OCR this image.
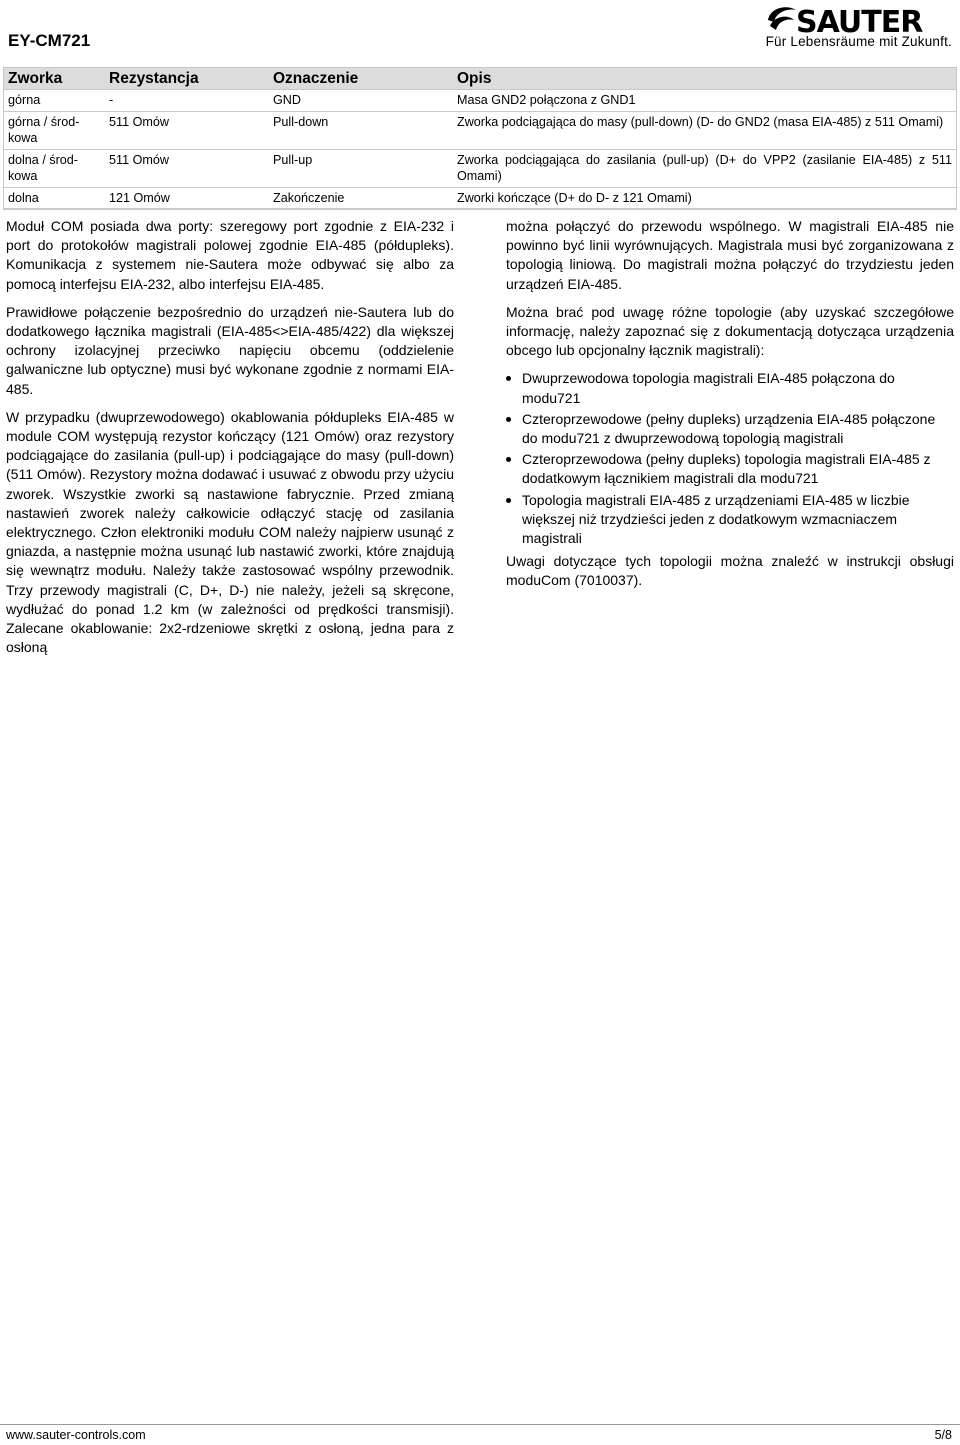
EY-CM721
SAUTER
Für Lebensräume mit Zukunft.
Zworka	Rezystancja	Oznaczenie	Opis
górna	-	GND	Masa GND2 połączona z GND1
górna / środ-kowa	511 Omów	Pull-down	Zworka podciągająca do masy (pull-down) (D- do GND2 (masa EIA-485) z 511 Omami)
dolna / środ-kowa	511 Omów	Pull-up	Zworka podciągająca do zasilania (pull-up) (D+ do VPP2 (zasilanie EIA-485) z 511 Omami)
dolna	121 Omów	Zakończenie	Zworki kończące (D+ do D- z 121 Omami)

Moduł COM posiada dwa porty: szeregowy port zgodnie z EIA-232 i port do protokołów magistrali polowej zgodnie EIA-485 (półdupleks). Komunikacja z systemem nie-Sautera może odbywać się albo za pomocą interfejsu EIA-232, albo interfejsu EIA-485.

Prawidłowe połączenie bezpośrednio do urządzeń nie-Sautera lub do dodatkowego łącznika magistrali (EIA-485<>EIA-485/422) dla większej ochrony izolacyjnej przeciwko napięciu obcemu (oddzielenie galwaniczne lub optyczne) musi być wykonane zgodnie z normami EIA-485.

W przypadku (dwuprzewodowego) okablowania półdupleks EIA-485 w module COM występują rezystor kończący (121 Omów) oraz rezystory podciągające do zasilania (pull-up) i podciągające do masy (pull-down) (511 Omów). Rezystory można dodawać i usuwać z obwodu przy użyciu zworek. Wszystkie zworki są nastawione fabrycznie. Przed zmianą nastawień zworek należy całkowicie odłączyć stację od zasilania elektrycznego. Człon elektroniki modułu COM należy najpierw usunąć z gniazda, a następnie można usunąć lub nastawić zworki, które znajdują się wewnątrz modułu. Należy także zastosować wspólny przewodnik. Trzy przewody magistrali (C, D+, D-) nie należy, jeżeli są skręcone, wydłużać do ponad 1.2 km (w zależności od prędkości transmisji). Zalecane okablowanie: 2x2-rdzeniowe skrętki z osłoną, jedna para z osłoną

można połączyć do przewodu wspólnego. W magistrali EIA-485 nie powinno być linii wyrównujących. Magistrala musi być zorganizowana z topologią liniową. Do magistrali można połączyć do trzydziestu jeden urządzeń EIA-485.

Można brać pod uwagę różne topologie (aby uzyskać szczegółowe informację, należy zapoznać się z dokumentacją dotycząca urządzenia obcego lub opcjonalny łącznik magistrali):

Dwuprzewodowa topologia magistrali EIA-485 połączona do modu721
Czteroprzewodowe (pełny dupleks) urządzenia EIA-485 połączone do modu721 z dwuprzewodową topologią magistrali
Czteroprzewodowa (pełny dupleks) topologia magistrali EIA-485 z dodatkowym łącznikiem magistrali dla modu721
Topologia magistrali EIA-485 z urządzeniami EIA-485 w liczbie większej niż trzydzieści jeden z dodatkowym wzmacniaczem magistrali

Uwagi dotyczące tych topologii można znaleźć w instrukcji obsługi moduCom (7010037).

www.sauter-controls.com	5/8
